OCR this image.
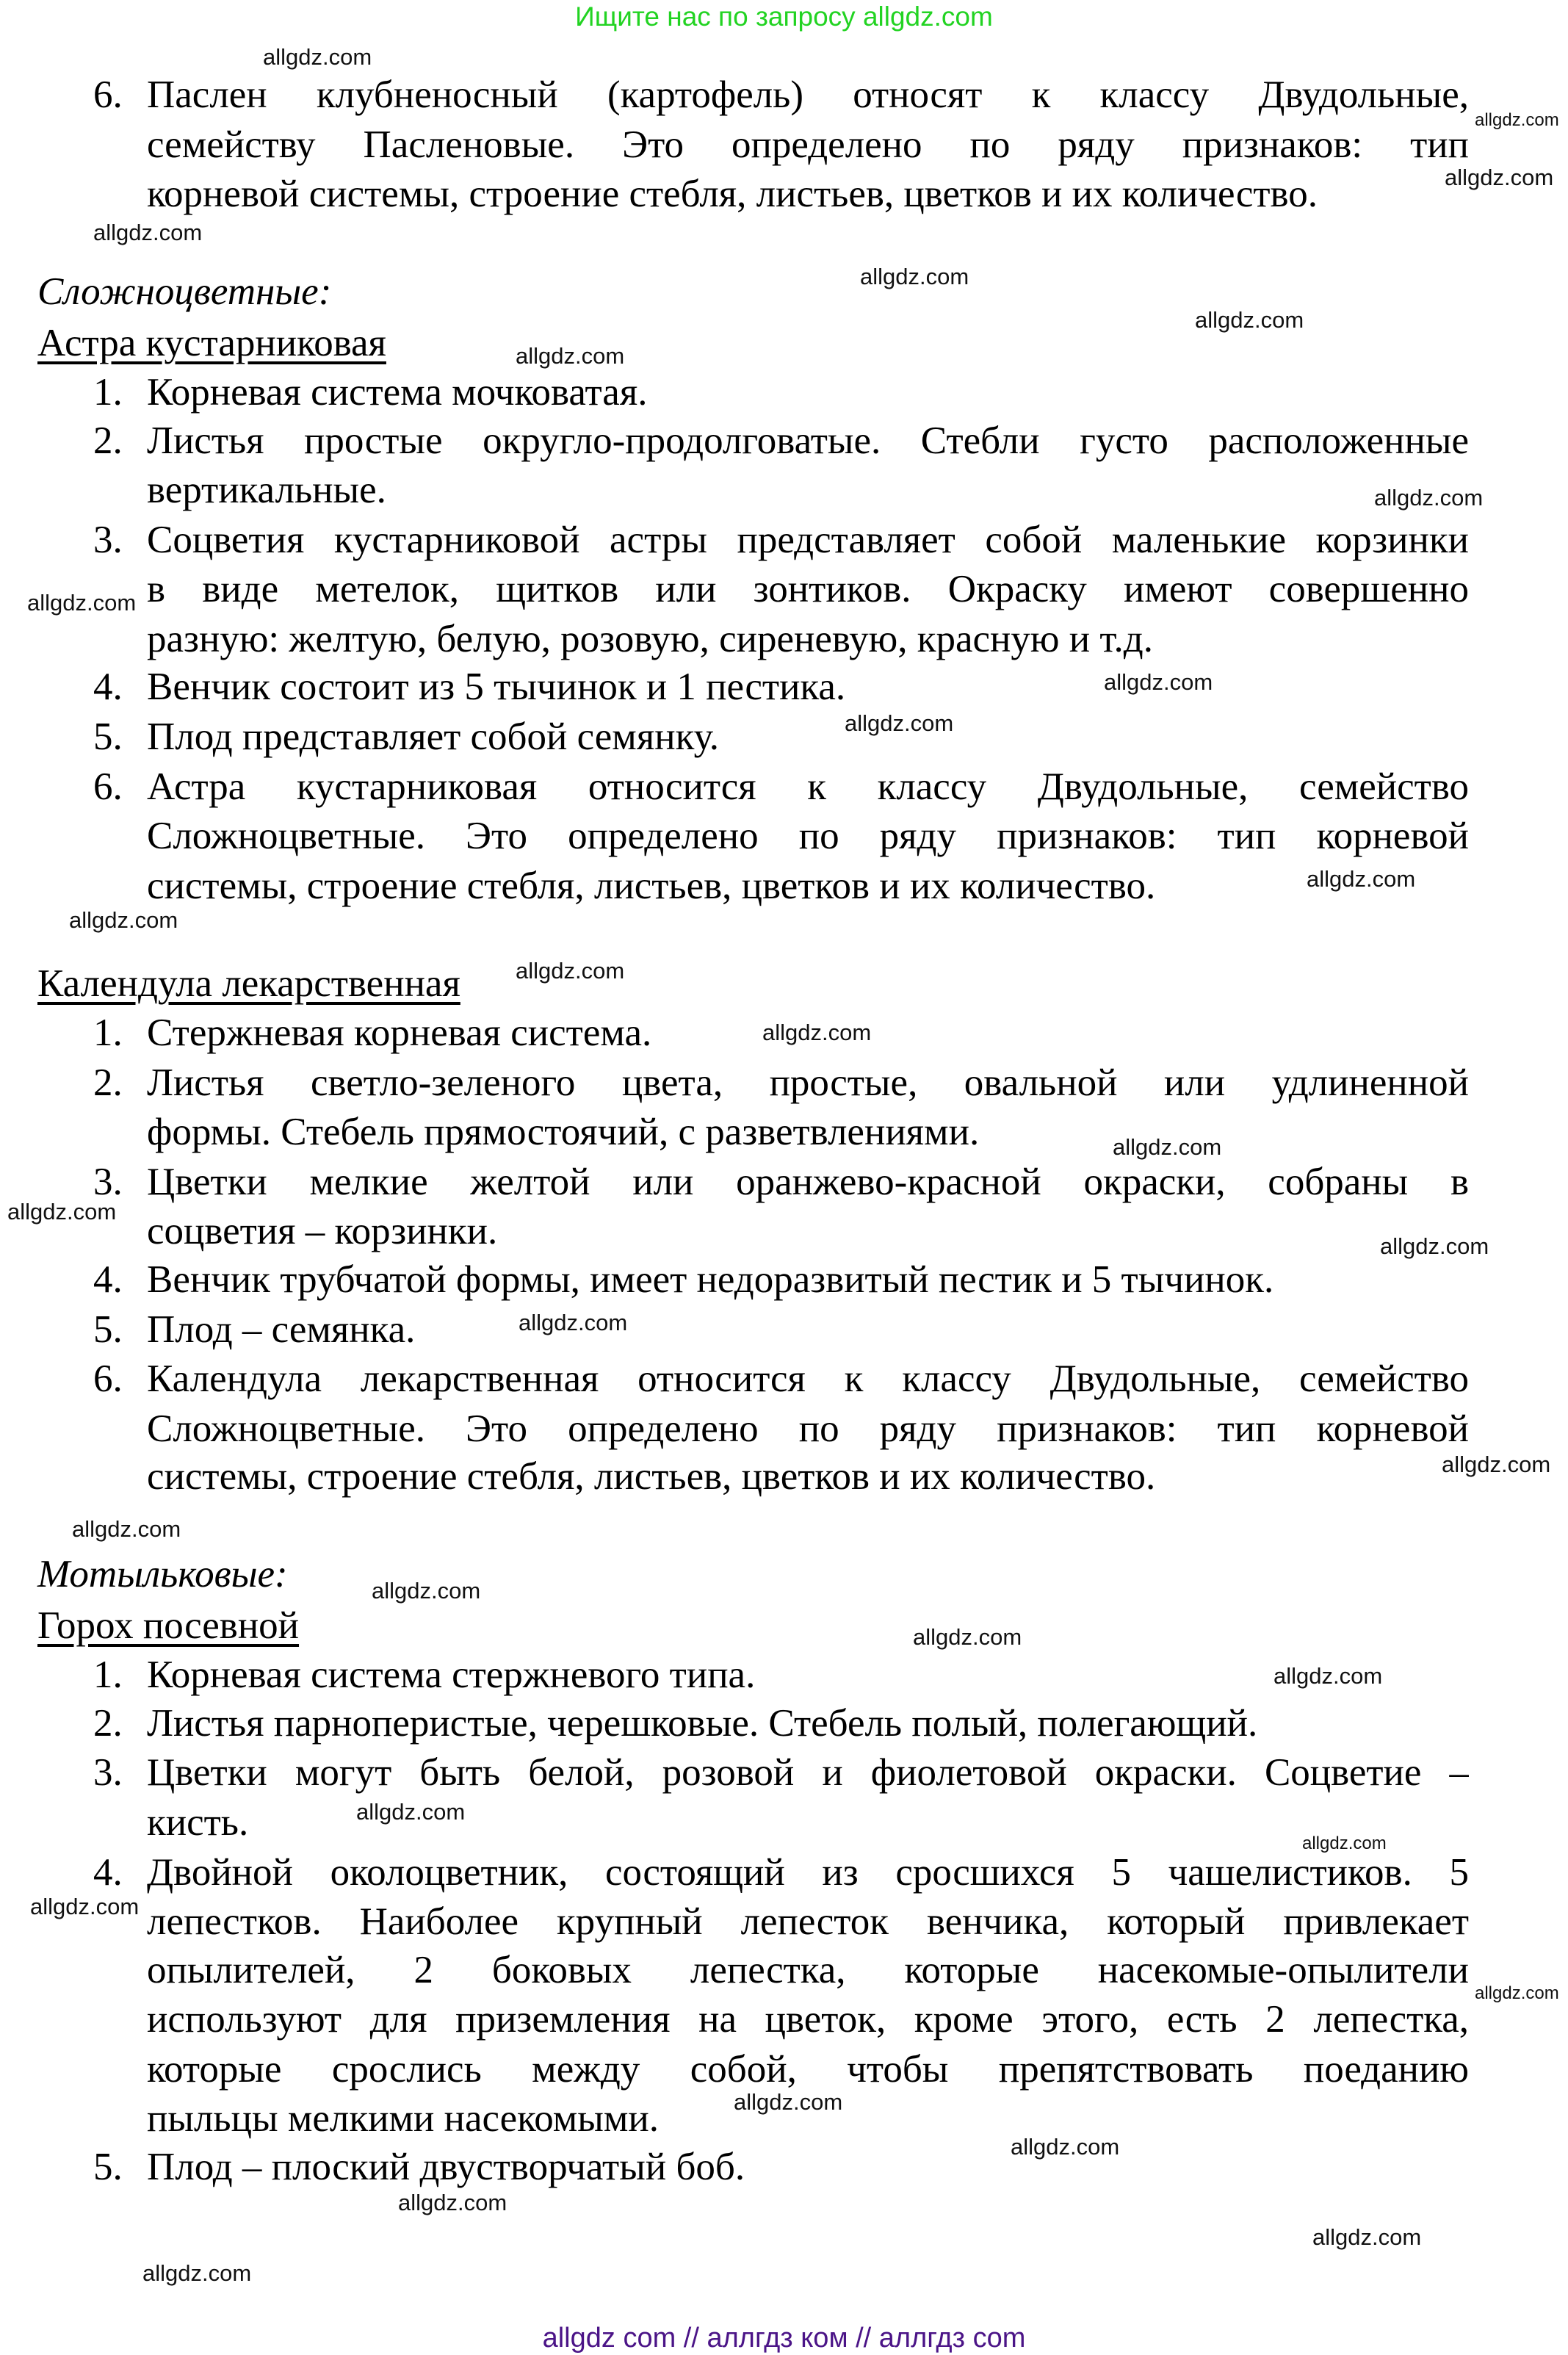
Ищите нас по запросу allgdz.com
6. Паслен клубненосный (картофель) относят к классу Двудольные,
семейству Пасленовые. Это определено по ряду признаков: тип
корневой системы, строение стебля, листьев, цветков и их количество.
Сложноцветные:
Астра кустарниковая
1. Корневая система мочковатая.
2. Листья простые округло-продолговатые. Стебли густо расположенные
вертикальные.
3. Соцветия кустарниковой астры представляет собой маленькие корзинки
в виде метелок, щитков или зонтиков. Окраску имеют совершенно
разную: желтую, белую, розовую, сиреневую, красную и т.д.
4. Венчик состоит из 5 тычинок и 1 пестика.
5. Плод представляет собой семянку.
6. Астра кустарниковая относится к классу Двудольные, семейство
Сложноцветные. Это определено по ряду признаков: тип корневой
системы, строение стебля, листьев, цветков и их количество.
Календула лекарственная
1. Стержневая корневая система.
2. Листья светло-зеленого цвета, простые, овальной или удлиненной
формы. Стебель прямостоячий, с разветвлениями.
3. Цветки мелкие желтой или оранжево-красной окраски, собраны в
соцветия – корзинки.
4. Венчик трубчатой формы, имеет недоразвитый пестик и 5 тычинок.
5. Плод – семянка.
6. Календула лекарственная относится к классу Двудольные, семейство
Сложноцветные. Это определено по ряду признаков: тип корневой
системы, строение стебля, листьев, цветков и их количество.
Мотыльковые:
Горох посевной
1. Корневая система стержневого типа.
2. Листья парноперистые, черешковые. Стебель полый, полегающий.
3. Цветки могут быть белой, розовой и фиолетовой окраски. Соцветие –
кисть.
4. Двойной околоцветник, состоящий из сросшихся 5 чашелистиков. 5
лепестков. Наиболее крупный лепесток венчика, который привлекает
опылителей, 2 боковых лепестка, которые насекомые-опылители
используют для приземления на цветок, кроме этого, есть 2 лепестка,
которые срослись между собой, чтобы препятствовать поеданию
пыльцы мелкими насекомыми.
5. Плод – плоский двустворчатый боб.
allgdz.com
allgdz.com
allgdz.com
allgdz.com
allgdz.com
allgdz.com
allgdz.com
allgdz.com
allgdz.com
allgdz.com
allgdz.com
allgdz.com
allgdz.com
allgdz.com
allgdz.com
allgdz.com
allgdz.com
allgdz.com
allgdz.com
allgdz.com
allgdz.com
allgdz.com
allgdz.com
allgdz.com
allgdz.com
allgdz.com
allgdz.com
allgdz.com
allgdz.com
allgdz.com
allgdz.com
allgdz.com
allgdz.com
allgdz com // аллгдз ком // аллгдз com
